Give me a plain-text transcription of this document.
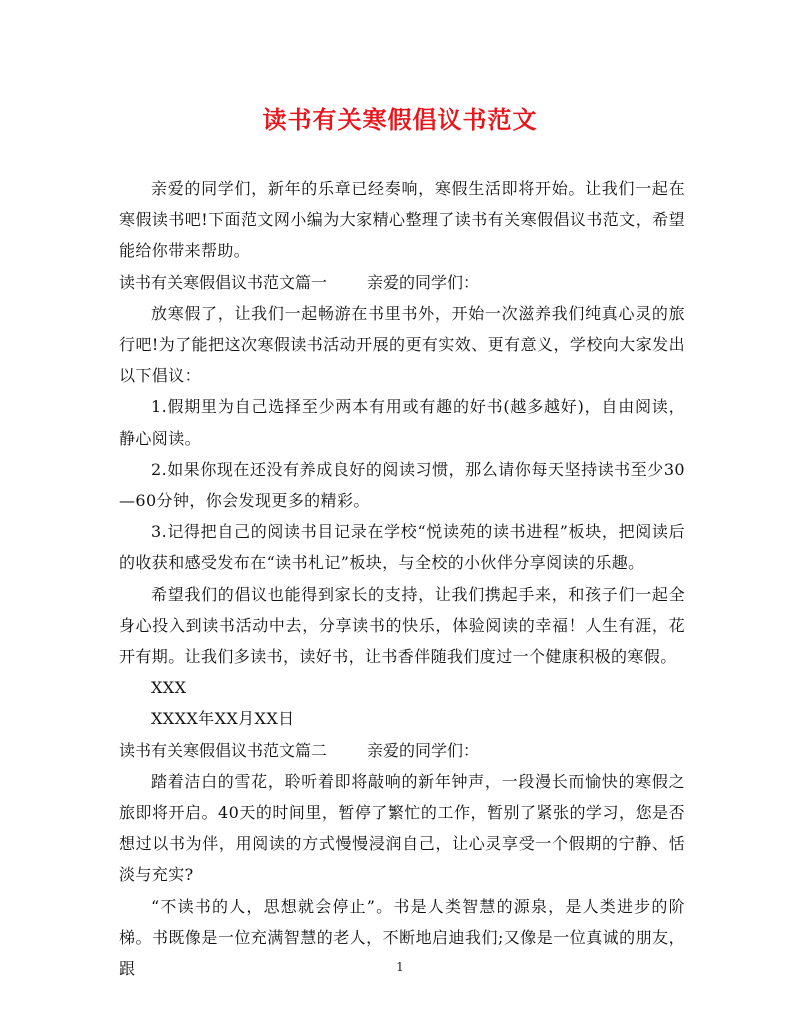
读书有关寒假倡议书范文

亲爱的同学们，新年的乐章已经奏响，寒假生活即将开始。让我们一起在寒假读书吧!下面范文网小编为大家精心整理了读书有关寒假倡议书范文，希望能给你带来帮助。

读书有关寒假倡议书范文篇一	亲爱的同学们：

放寒假了，让我们一起畅游在书里书外，开始一次滋养我们纯真心灵的旅行吧!为了能把这次寒假读书活动开展的更有实效、更有意义，学校向大家发出以下倡议：

1.假期里为自己选择至少两本有用或有趣的好书(越多越好)，自由阅读，静心阅读。

2.如果你现在还没有养成良好的阅读习惯，那么请你每天坚持读书至少30—60分钟，你会发现更多的精彩。

3.记得把自己的阅读书目记录在学校“悦读苑的读书进程”板块，把阅读后的收获和感受发布在“读书札记”板块，与全校的小伙伴分享阅读的乐趣。

希望我们的倡议也能得到家长的支持，让我们携起手来，和孩子们一起全身心投入到读书活动中去，分享读书的快乐，体验阅读的幸福！人生有涯，花开有期。让我们多读书，读好书，让书香伴随我们度过一个健康积极的寒假。

XXX

XXXX年XX月XX日

读书有关寒假倡议书范文篇二	亲爱的同学们：

踏着洁白的雪花，聆听着即将敲响的新年钟声，一段漫长而愉快的寒假之旅即将开启。40天的时间里，暂停了繁忙的工作，暂别了紧张的学习，您是否想过以书为伴，用阅读的方式慢慢浸润自己，让心灵享受一个假期的宁静、恬淡与充实?

“不读书的人，思想就会停止”。书是人类智慧的源泉，是人类进步的阶梯。书既像是一位充满智慧的老人，不断地启迪我们;又像是一位真诚的朋友，跟	1
